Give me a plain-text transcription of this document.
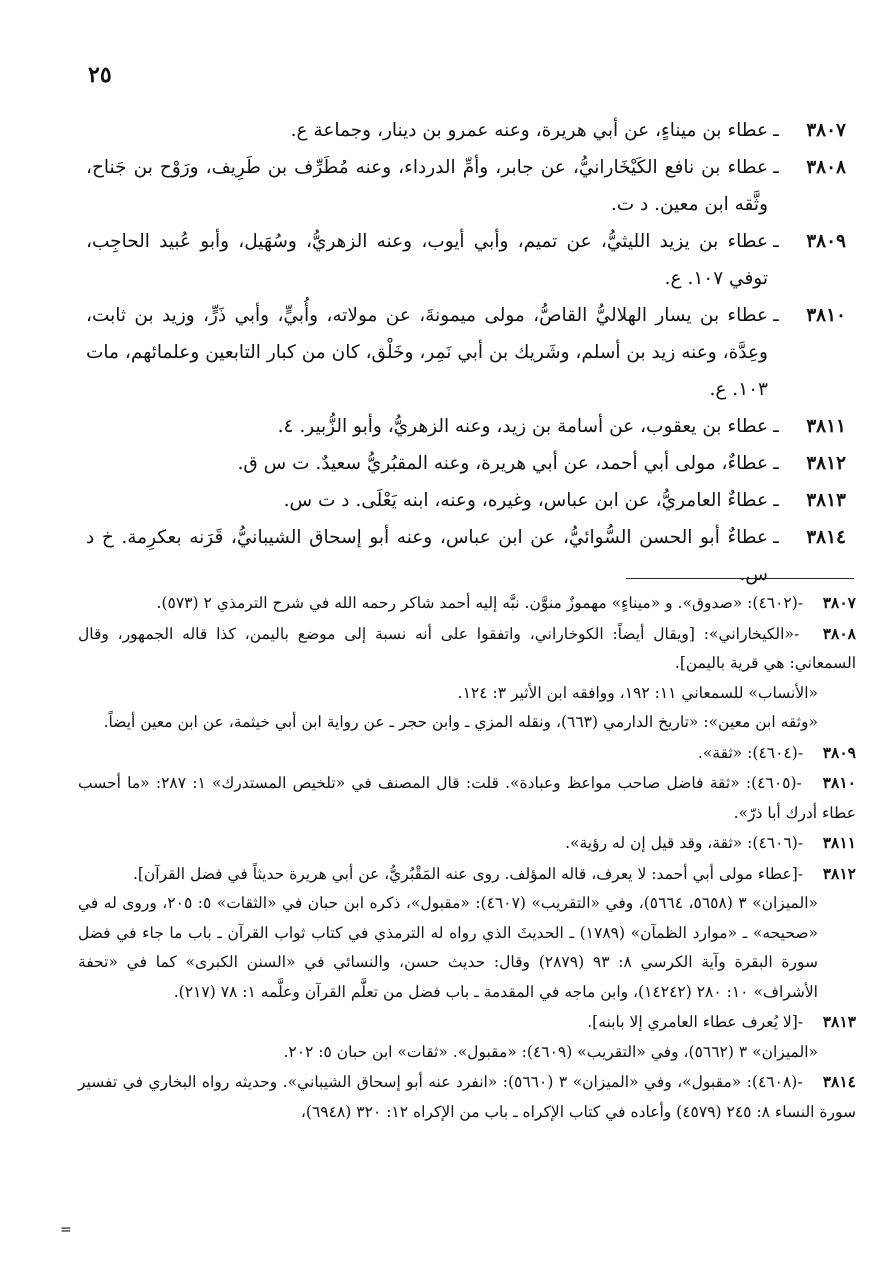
٢٥
٣٨٠٧
ـ
عطاء بن ميناءٍ، عن أبي هريرة، وعنه عمرو بن دينار، وجماعة ع.
٣٨٠٨
ـ
عطاء بن نافع الكَيْخَارانيُّ، عن جابر، وأمِّ الدرداء، وعنه مُطَرِّف بن طَرِيف، ورَوْح بن جَناح، وثَّقه ابن معين. د ت.
٣٨٠٩
ـ
عطاء بن يزيد الليثيُّ، عن تميم، وأبي أيوب، وعنه الزهريُّ، وسُهَيل، وأبو عُبيد الحاجِب، توفي ١٠٧. ع.
٣٨١٠
ـ
عطاء بن يسار الهلاليُّ القاصُّ، مولى ميمونةَ، عن مولاته، وأُبيٍّ، وأبي ذَرٍّ، وزيد بن ثابت، وعِدَّة، وعنه زيد بن أسلم، وشَريك بن أبي نَمِر، وخَلْق، كان من كبار التابعين وعلمائهم، مات ١٠٣. ع.
٣٨١١
ـ
عطاء بن يعقوب، عن أسامة بن زيد، وعنه الزهريُّ، وأبو الزُّبير. ٤.
٣٨١٢
ـ
عطاءٌ، مولى أبي أحمد، عن أبي هريرة، وعنه المقبُريُّ سعيدٌ. ت س ق.
٣٨١٣
ـ
عطاءٌ العامريُّ، عن ابن عباس، وغيره، وعنه، ابنه يَعْلَى. د ت س.
٣٨١٤
ـ
عطاءٌ أبو الحسن السُّوائيُّ، عن ابن عباس، وعنه أبو إسحاق الشيبانيُّ، قَرَنه بعكرِمة. خ د س.

٣٨٠٧ -(٤٦٠٢): «صدوق». و «ميناءٍ» مهموزٌ منوَّن. نبَّه إليه أحمد شاكر رحمه الله في شرح الترمذي ٢ (٥٧٣).

٣٨٠٨ -«الكيخاراني»: [ويقال أيضاً: الكوخاراني، واتفقوا على أنه نسبة إلى موضع باليمن، كذا قاله الجمهور، وقال السمعاني: هي قرية باليمن].

«الأنساب» للسمعاني ١١: ١٩٢، ووافقه ابن الأثير ٣: ١٢٤.

«وثقه ابن معين»: «تاريخ الدارمي (٦٦٣)، ونقله المزي ـ وابن حجر ـ عن رواية ابن أبي خيثمة، عن ابن معين أيضاً.

٣٨٠٩ -(٤٦٠٤): «ثقة».

٣٨١٠ -(٤٦٠٥): «ثقة فاضل صاحب مواعظ وعبادة». قلت: قال المصنف في «تلخيص المستدرك» ١: ٢٨٧: «ما أحسب عطاء أدرك أبا ذرّ».

٣٨١١ -(٤٦٠٦): «ثقة، وقد قيل إن له رؤية».

٣٨١٢ -[عطاء مولى أبي أحمد: لا يعرف، قاله المؤلف. روى عنه المَقْبُريُّ، عن أبي هريرة حديثاً في فضل القرآن].

«الميزان» ٣ (٥٦٥٨، ٥٦٦٤)، وفي «التقريب» (٤٦٠٧): «مقبول»، ذكره ابن حبان في «الثقات» ٥: ٢٠٥، وروى له في «صحيحه» ـ «موارد الظمآن» (١٧٨٩) ـ الحديثَ الذي رواه له الترمذي في كتاب ثواب القرآن ـ باب ما جاء في فضل سورة البقرة وآية الكرسي ٨: ٩٣ (٢٨٧٩) وقال: حديث حسن، والنسائي في «السنن الكبرى» كما في «تحفة الأشراف» ١٠: ٢٨٠ (١٤٢٤٢)، وابن ماجه في المقدمة ـ باب فضل من تعلَّم القرآن وعلَّمه ١: ٧٨ (٢١٧).

٣٨١٣ -[لا يُعرف عطاء العامري إلا بابنه].

«الميزان» ٣ (٥٦٦٢)، وفي «التقريب» (٤٦٠٩): «مقبول». «ثقات» ابن حبان ٥: ٢٠٢.

٣٨١٤ -(٤٦٠٨): «مقبول»، وفي «الميزان» ٣ (٥٦٦٠): «انفرد عنه أبو إسحاق الشيباني». وحديثه رواه البخاري في تفسير سورة النساء ٨: ٢٤٥ (٤٥٧٩) وأعاده في كتاب الإكراه ـ باب من الإكراه ١٢: ٣٢٠ (٦٩٤٨)،

=
